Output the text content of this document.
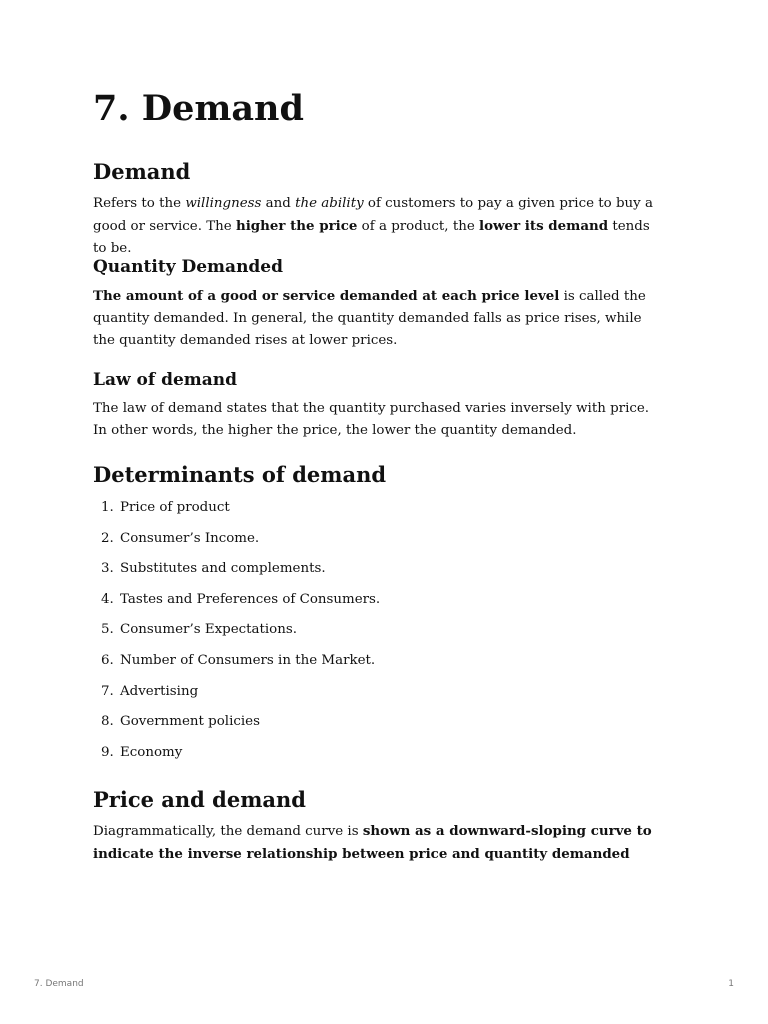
7. Demand
Demand

Refers to the willingness and the ability of customers to pay a given price to buy a good or service. The higher the price of a product, the lower its demand tends to be.

Quantity Demanded

The amount of a good or service demanded at each price level is called the quantity demanded. In general, the quantity demanded falls as price rises, while the quantity demanded rises at lower prices.

Law of demand

The law of demand states that the quantity purchased varies inversely with price. In other words, the higher the price, the lower the quantity demanded.

Determinants of demand
1. Price of product
2. Consumer’s Income.
3. Substitutes and complements.
4. Tastes and Preferences of Consumers.
5. Consumer’s Expectations.
6. Number of Consumers in the Market.
7. Advertising
8. Government policies
9. Economy
Price and demand

Diagrammatically, the demand curve is shown as a downward-sloping curve to indicate the inverse relationship between price and quantity demanded

7. Demand	1
